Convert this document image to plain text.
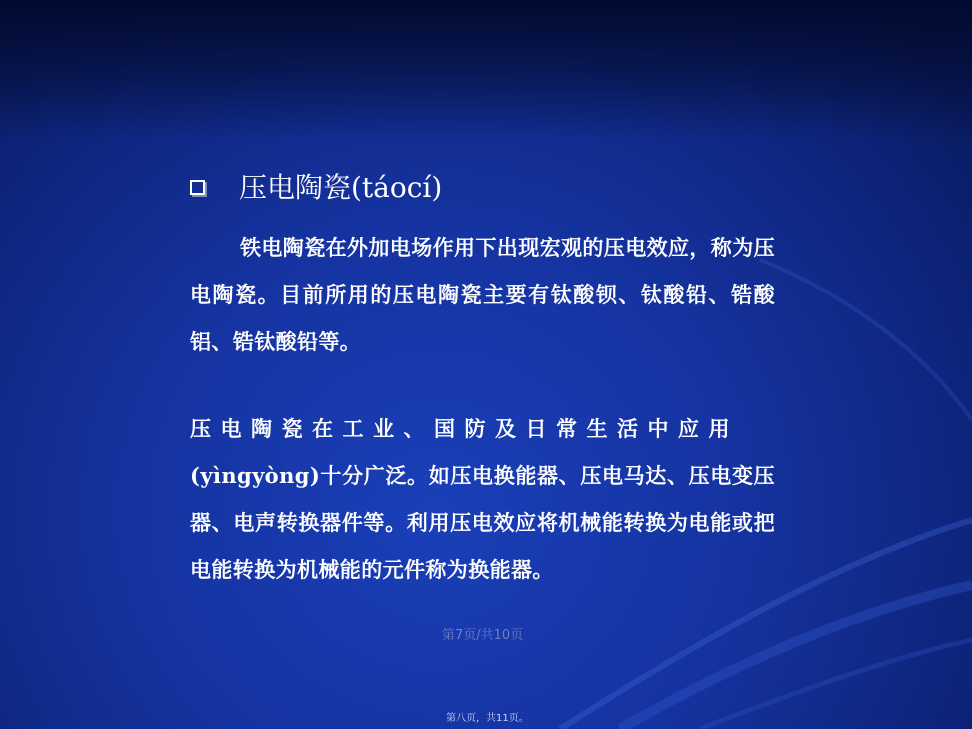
压电陶瓷(táocí)
铁电陶瓷在外加电场作用下出现宏观的压电效应，称为压电陶瓷。目前所用的压电陶瓷主要有钛酸钡、钛酸铅、锆酸铝、锆钛酸铅等。
压电陶瓷在工业、国防及日常生活中应用
(yìngyòng)十分广泛。如压电换能器、压电马达、压电变压器、电声转换器件等。利用压电效应将机械能转换为电能或把电能转换为机械能的元件称为换能器。
第7页/共10页
第八页，共11页。
